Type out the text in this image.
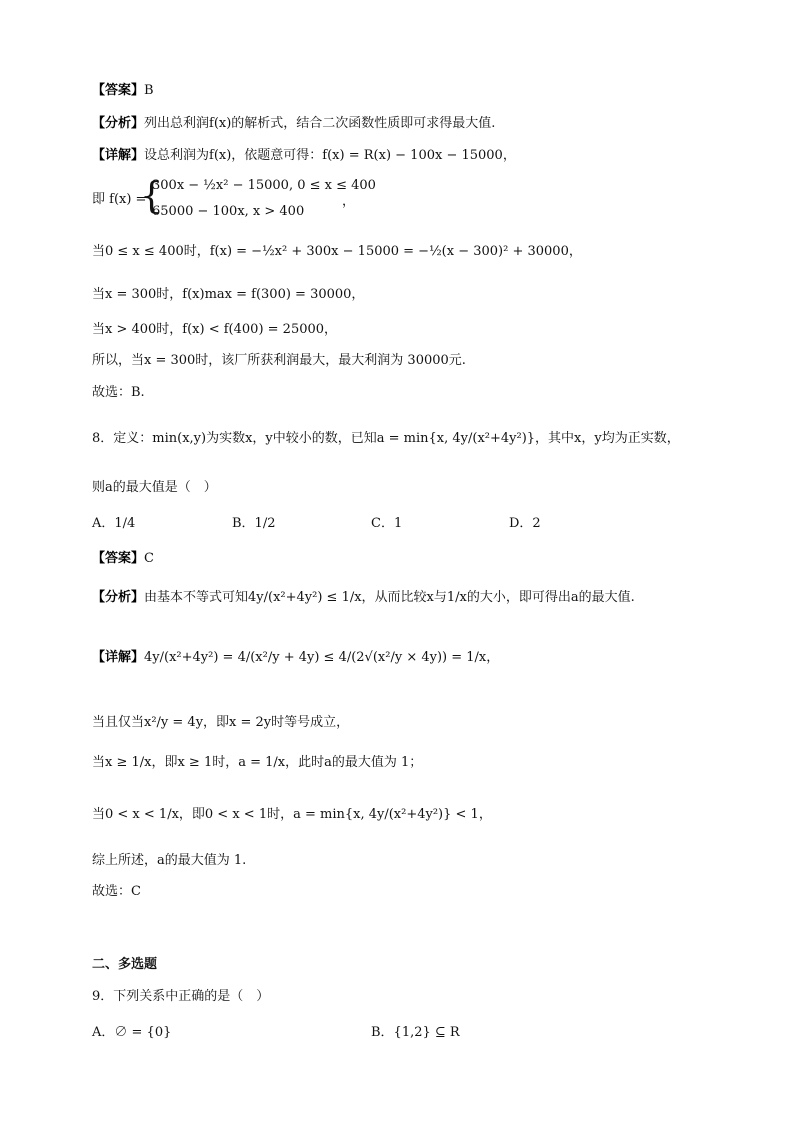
【答案】B
【分析】列出总利润f(x)的解析式，结合二次函数性质即可求得最大值.
【详解】设总利润为f(x)，依题意可得：f(x) = R(x) − 100x − 15000，
即 f(x) =
{
300x − ½x² − 15000, 0 ≤ x ≤ 400
65000 − 100x, x > 400
，
当0 ≤ x ≤ 400时，f(x) = −½x² + 300x − 15000 = −½(x − 300)² + 30000，
当x = 300时，f(x)max = f(300) = 30000，
当x > 400时，f(x) < f(400) = 25000，
所以，当x = 300时，该厂所获利润最大，最大利润为 30000元.
故选：B.
8．定义：min(x,y)为实数x，y中较小的数，已知a = min{x, 4y/(x²+4y²)}，其中x，y均为正实数，
则a的最大值是（　）
A．1/4	B．1/2	C．1	D．2
【答案】C
【分析】由基本不等式可知4y/(x²+4y²) ≤ 1/x，从而比较x与1/x的大小，即可得出a的最大值.
【详解】4y/(x²+4y²) = 4/(x²/y + 4y) ≤ 4/(2√(x²/y × 4y)) = 1/x，
当且仅当x²/y = 4y，即x = 2y时等号成立，
当x ≥ 1/x，即x ≥ 1时，a = 1/x，此时a的最大值为 1；
当0 < x < 1/x，即0 < x < 1时，a = min{x, 4y/(x²+4y²)} < 1，
综上所述，a的最大值为 1.
故选：C
二、多选题
9．下列关系中正确的是（　）
A．∅ = {0}	B．{1,2} ⊆ R
